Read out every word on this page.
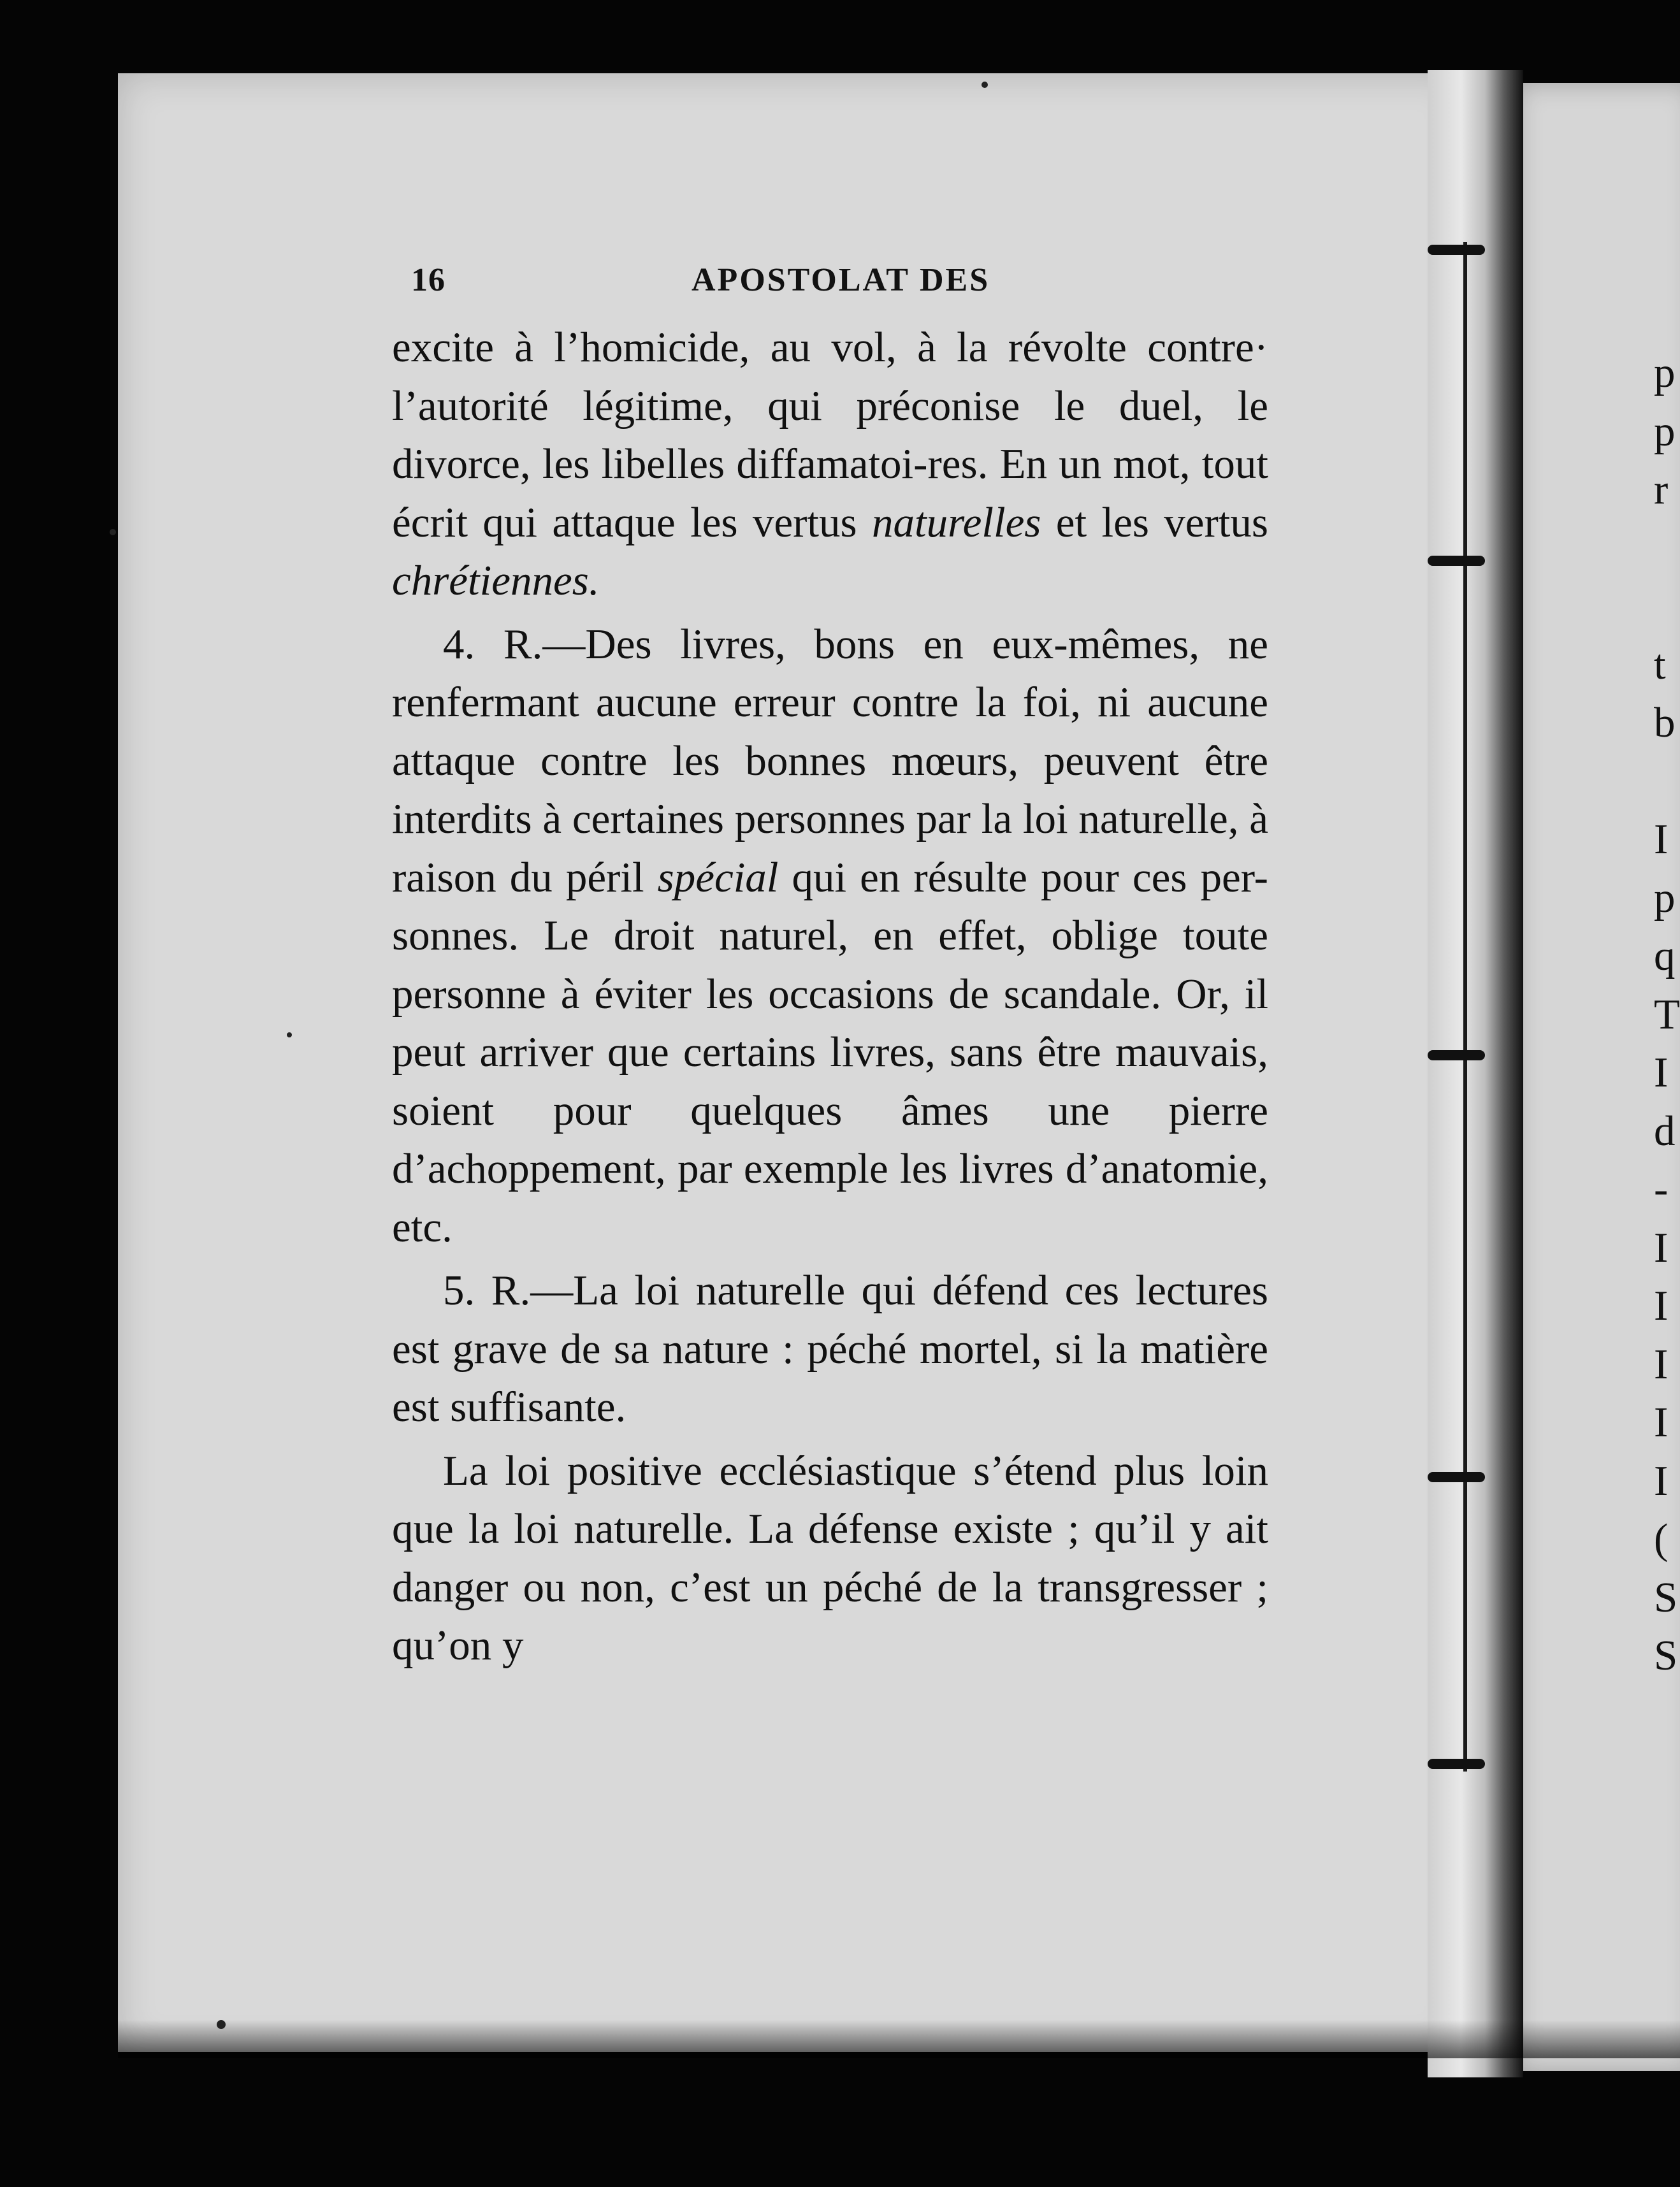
16	APOSTOLAT DES

excite à l’homicide, au vol, à la révolte contre· l’autorité légitime, qui préconise le duel, le divorce, les libelles diffamatoi-res. En un mot, tout écrit qui attaque les vertus naturelles et les vertus chrétiennes.

4. R.—Des livres, bons en eux-mêmes, ne renfermant aucune erreur contre la foi, ni aucune attaque contre les bonnes mœurs, peuvent être interdits à certaines personnes par la loi naturelle, à raison du péril spécial qui en résulte pour ces per-sonnes. Le droit naturel, en effet, oblige toute personne à éviter les occasions de scandale. Or, il peut arriver que certains livres, sans être mauvais, soient pour quelques âmes une pierre d’achoppement, par exemple les livres d’anatomie, etc.

5. R.—La loi naturelle qui défend ces lectures est grave de sa nature : péché mortel, si la matière est suffisante.

La loi positive ecclésiastique s’étend plus loin que la loi naturelle. La défense existe ; qu’il y ait danger ou non, c’est un péché de la transgresser ; qu’on y

p
p
r
t
b
I
p
q
T
I
d
-
I
I
I
I
I
(
S
S
